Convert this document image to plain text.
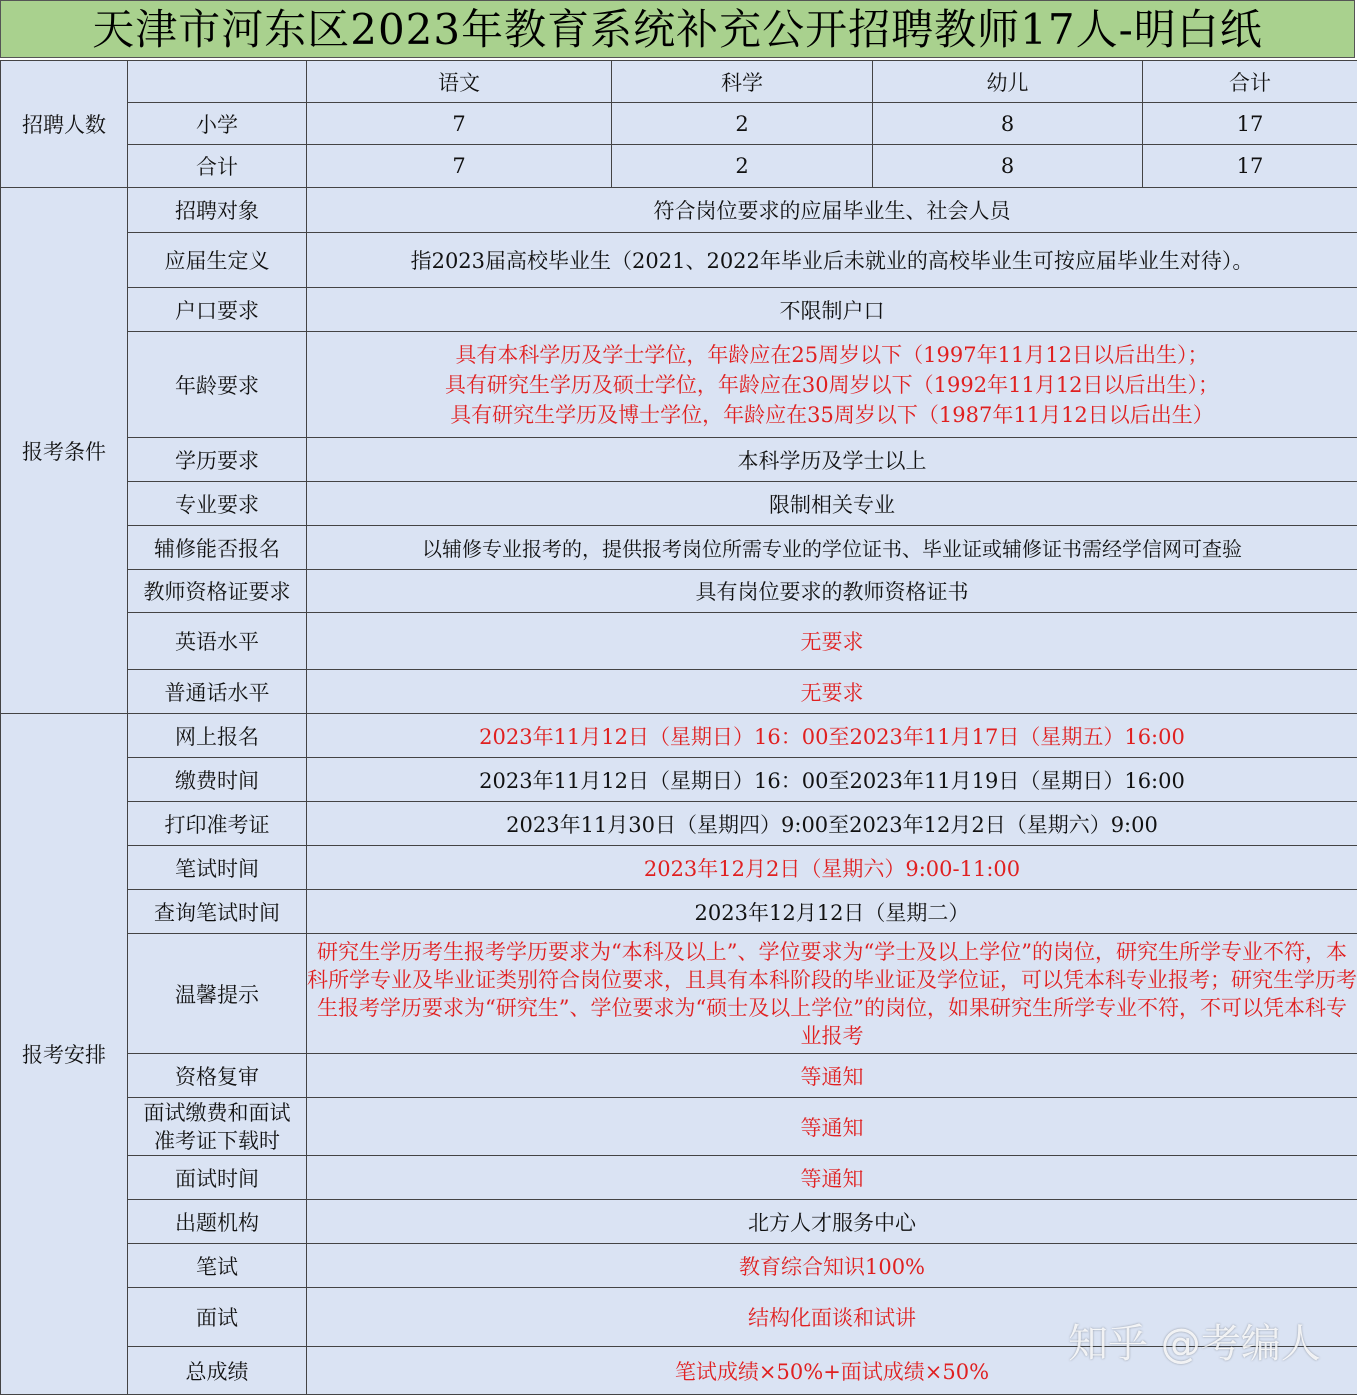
天津市河东区2023年教育系统补充公开招聘教师17人-明白纸
招聘人数		语文	科学	幼儿	合计
	小学	7	2	8	17
	合计	7	2	8	17
报考条件	招聘对象	符合岗位要求的应届毕业生、社会人员			
	应届生定义	指2023届高校毕业生（2021、2022年毕业后未就业的高校毕业生可按应届毕业生对待）。			
	户口要求	不限制户口			
	年龄要求	具有本科学历及学士学位，年龄应在25周岁以下（1997年11月12日以后出生）；
具有研究生学历及硕士学位，年龄应在30周岁以下（1992年11月12日以后出生）；
具有研究生学历及博士学位，年龄应在35周岁以下（1987年11月12日以后出生）			

	学历要求	本科学历及学士以上			
	专业要求	限制相关专业			
	辅修能否报名	以辅修专业报考的，提供报考岗位所需专业的学位证书、毕业证或辅修证书需经学信网可查验			
	教师资格证要求	具有岗位要求的教师资格证书			
	英语水平	无要求			
	普通话水平	无要求			
报考安排	网上报名	2023年11月12日（星期日）16：00至2023年11月17日（星期五）16:00			
	缴费时间	2023年11月12日（星期日）16：00至2023年11月19日（星期日）16:00			
	打印准考证	2023年11月30日（星期四）9:00至2023年12月2日（星期六）9:00			
	笔试时间	2023年12月2日（星期六）9:00-11:00			
	查询笔试时间	2023年12月12日（星期二）			
	温馨提示	研究生学历考生报考学历要求为“本科及以上”、学位要求为“学士及以上学位”的岗位，研究生所学专业不符，本科所学专业及毕业证类别符合岗位要求，且具有本科阶段的毕业证及学位证，可以凭本科专业报考；研究生学历考生报考学历要求为“研究生”、学位要求为“硕士及以上学位”的岗位，如果研究生所学专业不符，不可以凭本科专业报考			
	资格复审	等通知			
	面试缴费和面试准考证下载时	等通知			
	面试时间	等通知			
	出题机构	北方人才服务中心			
	笔试	教育综合知识100%			
	面试	结构化面谈和试讲			
	总成绩	笔试成绩×50%+面试成绩×50%			
知乎 @考编人
